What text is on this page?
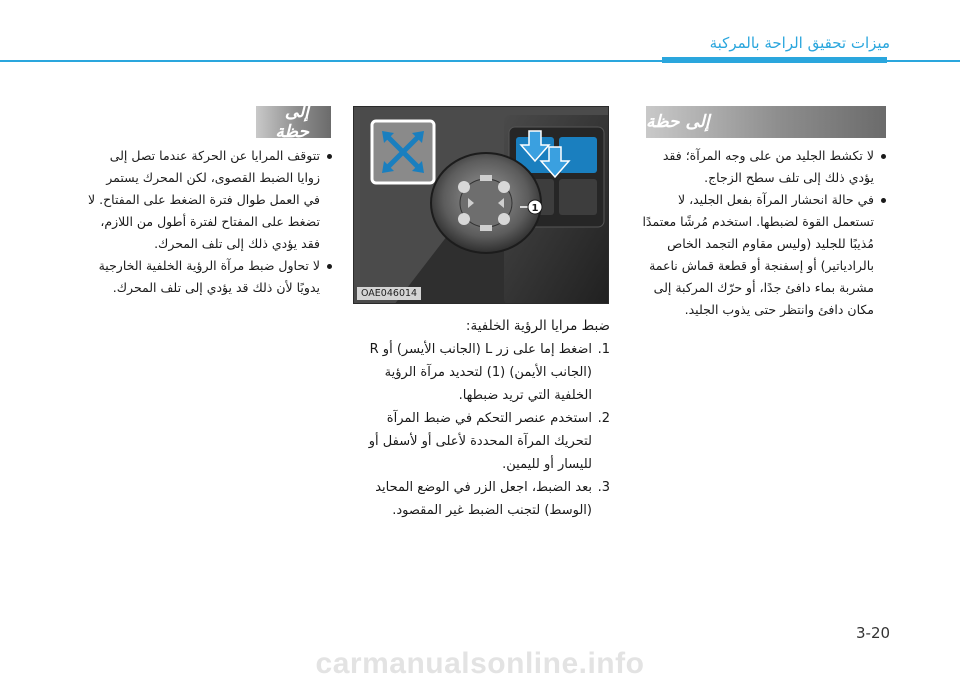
ميزات تحقيق الراحة بالمركبة
إلى حظة
لا تكشط الجليد من على وجه المرآة؛ فقد يؤدي ذلك إلى تلف سطح الزجاج.
في حالة انحشار المرآة بفعل الجليد، لا تستعمل القوة لضبطها. استخدم مُرشًا معتمدًا مُذيبًا للجليد (وليس مقاوم التجمد الخاص بالرادياتير) أو إسفنجة أو قطعة قماش ناعمة مشربة بماء دافئ جدًا، أو حرّك المركبة إلى مكان دافئ وانتظر حتى يذوب الجليد.
إلى حظة
تتوقف المرايا عن الحركة عندما تصل إلى زوايا الضبط القصوى، لكن المحرك يستمر في العمل طوال فترة الضغط على المفتاح. لا تضغط على المفتاح لفترة أطول من اللازم، فقد يؤدي ذلك إلى تلف المحرك.
لا تحاول ضبط مرآة الرؤية الخلفية الخارجية يدويًا لأن ذلك قد يؤدي إلى تلف المحرك.
1
OAE046014
ضبط مرايا الرؤية الخلفية:
1.
اضغط إما على زر L (الجانب الأيسر) أو R (الجانب الأيمن) (1) لتحديد مرآة الرؤية الخلفية التي تريد ضبطها.
2.
استخدم عنصر التحكم في ضبط المرآة لتحريك المرآة المحددة لأعلى أو لأسفل أو لليسار أو لليمين.
3.
بعد الضبط، اجعل الزر في الوضع المحايد (الوسط) لتجنب الضبط غير المقصود.
3-20
carmanualsonline.info
